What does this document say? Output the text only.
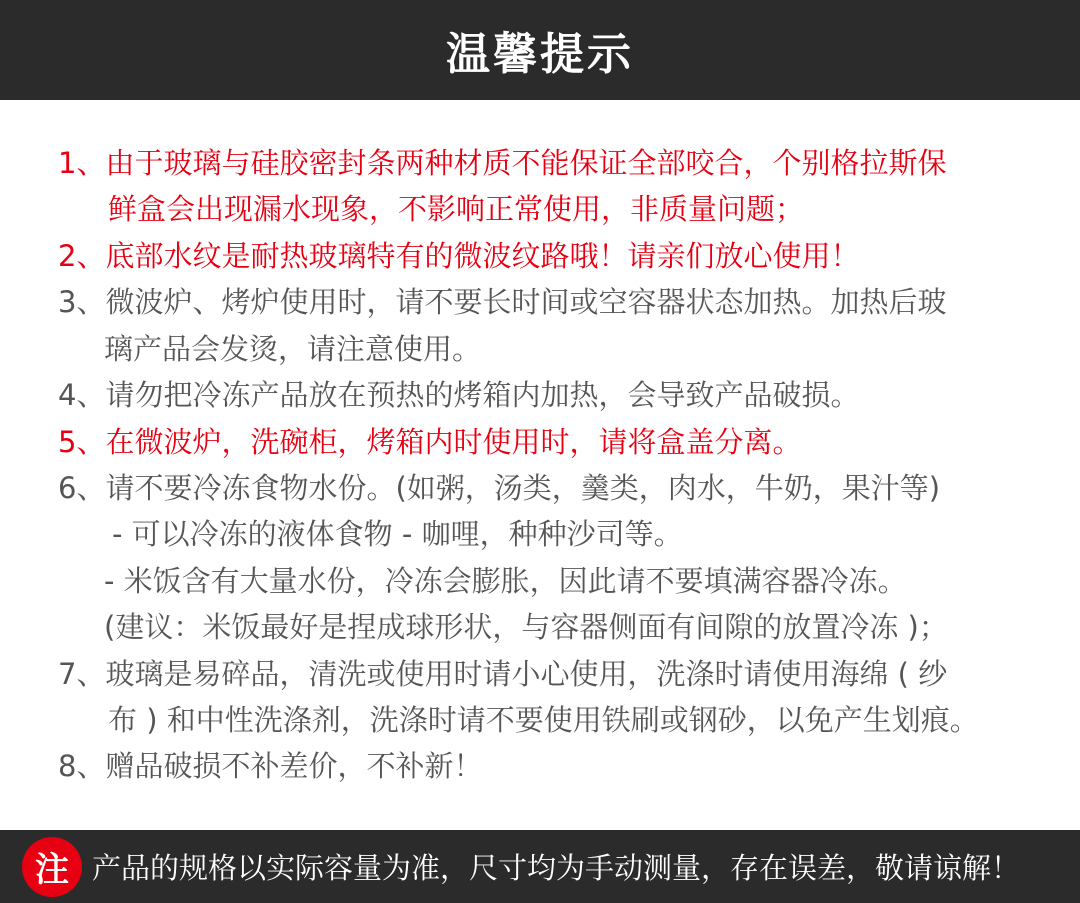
温馨提示
1、由于玻璃与硅胶密封条两种材质不能保证全部咬合，个别格拉斯保
鲜盒会出现漏水现象，不影响正常使用，非质量问题；
2、底部水纹是耐热玻璃特有的微波纹路哦！请亲们放心使用！
3、微波炉、烤炉使用时，请不要长时间或空容器状态加热。加热后玻
璃产品会发烫，请注意使用。
4、请勿把冷冻产品放在预热的烤箱内加热，会导致产品破损。
5、在微波炉，洗碗柜，烤箱内时使用时，请将盒盖分离。
6、请不要冷冻食物水份。(如粥，汤类，羹类，肉水，牛奶，果汁等)
- 可以冷冻的液体食物 - 咖哩，种种沙司等。
- 米饭含有大量水份，冷冻会膨胀，因此请不要填满容器冷冻。
(建议：米饭最好是捏成球形状，与容器侧面有间隙的放置冷冻 )；
7、玻璃是易碎品，清洗或使用时请小心使用，洗涤时请使用海绵 ( 纱
布 ) 和中性洗涤剂，洗涤时请不要使用铁刷或钢砂，以免产生划痕。
8、赠品破损不补差价，不补新！
注 产品的规格以实际容量为准，尺寸均为手动测量，存在误差，敬请谅解！
